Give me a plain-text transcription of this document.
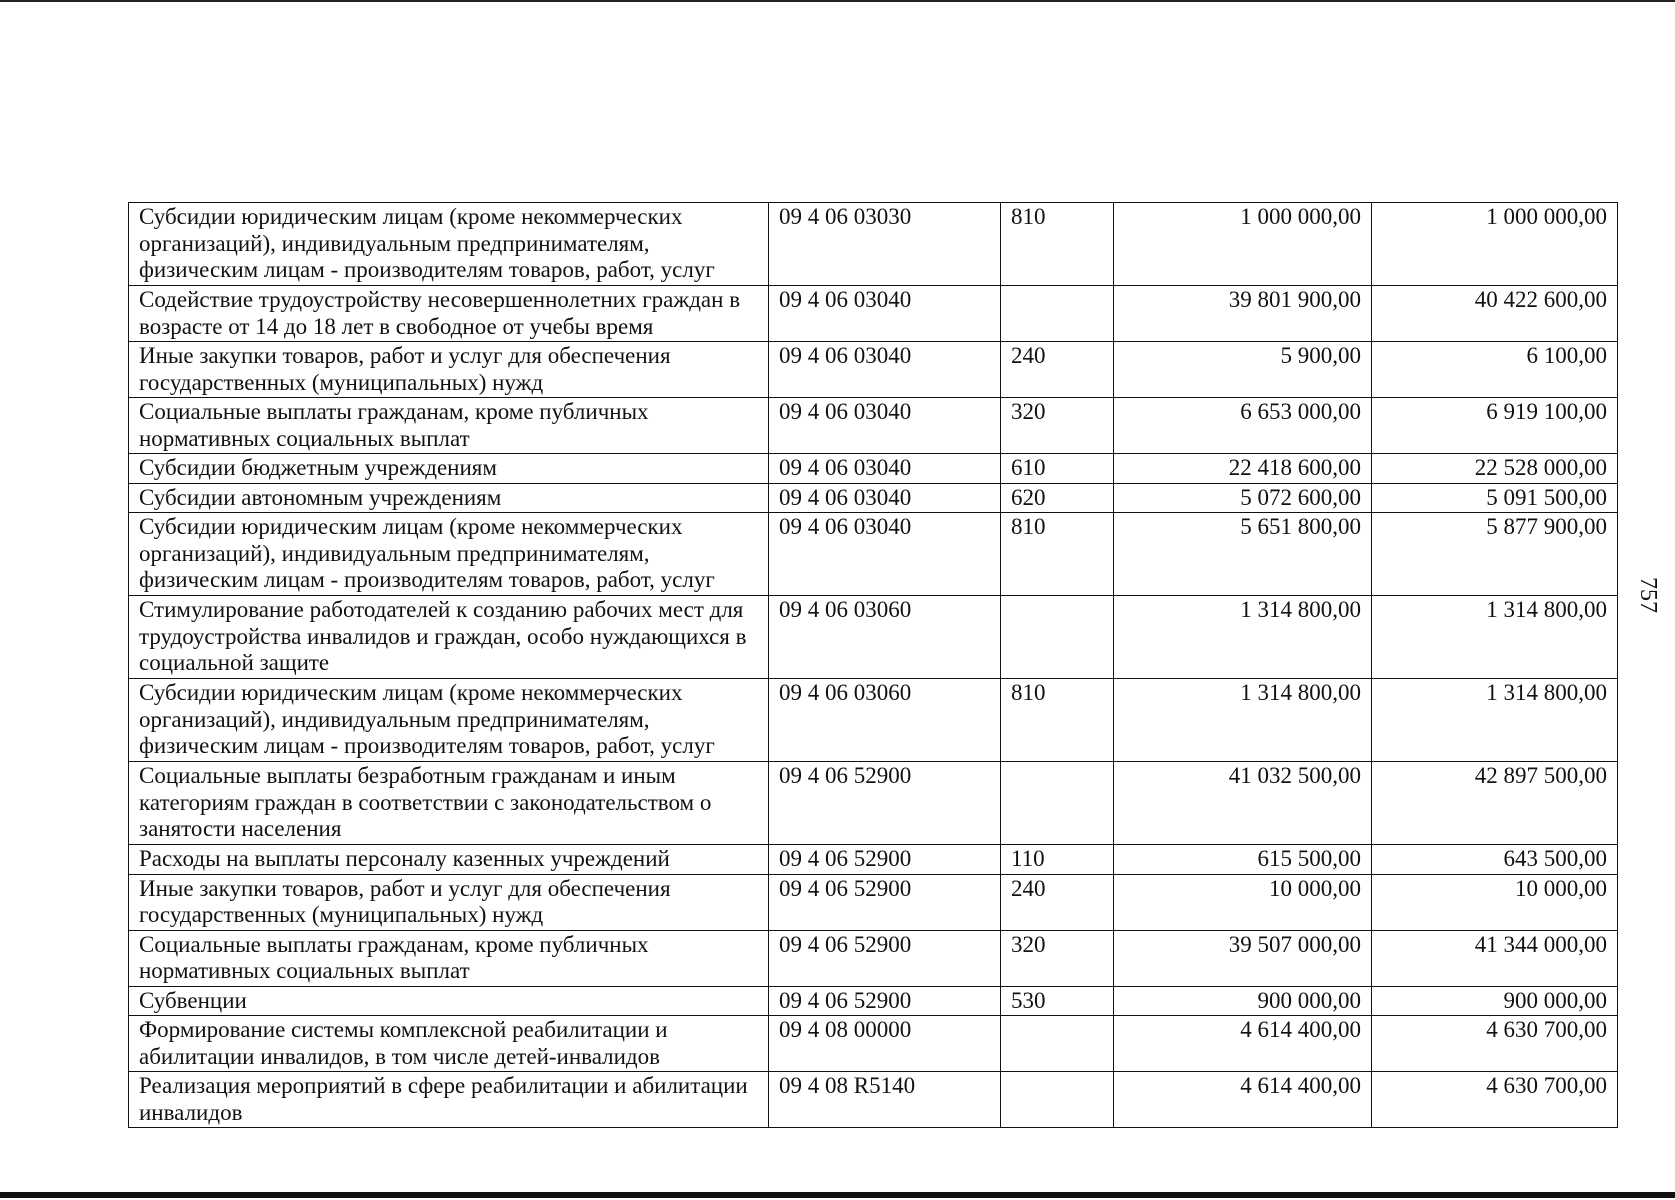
757
Субсидии юридическим лицам (кроме некоммерческих организаций), индивидуальным предпринимателям, физическим лицам - производителям товаров, работ, услуг	09 4 06 03030	810	1 000 000,00	1 000 000,00
Содействие трудоустройству несовершеннолетних граждан в возрасте от 14 до 18 лет в свободное от учебы время	09 4 06 03040		39 801 900,00	40 422 600,00
Иные закупки товаров, работ и услуг для обеспечения государственных (муниципальных) нужд	09 4 06 03040	240	5 900,00	6 100,00
Социальные выплаты гражданам, кроме публичных нормативных социальных выплат	09 4 06 03040	320	6 653 000,00	6 919 100,00
Субсидии бюджетным учреждениям	09 4 06 03040	610	22 418 600,00	22 528 000,00
Субсидии автономным учреждениям	09 4 06 03040	620	5 072 600,00	5 091 500,00
Субсидии юридическим лицам (кроме некоммерческих организаций), индивидуальным предпринимателям, физическим лицам - производителям товаров, работ, услуг	09 4 06 03040	810	5 651 800,00	5 877 900,00
Стимулирование работодателей к созданию рабочих мест для трудоустройства инвалидов и граждан, особо нуждающихся в социальной защите	09 4 06 03060		1 314 800,00	1 314 800,00
Субсидии юридическим лицам (кроме некоммерческих организаций), индивидуальным предпринимателям, физическим лицам - производителям товаров, работ, услуг	09 4 06 03060	810	1 314 800,00	1 314 800,00
Социальные выплаты безработным гражданам и иным категориям граждан в соответствии с законодательством о занятости населения	09 4 06 52900		41 032 500,00	42 897 500,00
Расходы на выплаты персоналу казенных учреждений	09 4 06 52900	110	615 500,00	643 500,00
Иные закупки товаров, работ и услуг для обеспечения государственных (муниципальных) нужд	09 4 06 52900	240	10 000,00	10 000,00
Социальные выплаты гражданам, кроме публичных нормативных социальных выплат	09 4 06 52900	320	39 507 000,00	41 344 000,00
Субвенции	09 4 06 52900	530	900 000,00	900 000,00
Формирование системы комплексной реабилитации и абилитации инвалидов, в том числе детей-инвалидов	09 4 08 00000		4 614 400,00	4 630 700,00
Реализация мероприятий в сфере реабилитации и абилитации инвалидов	09 4 08 R5140		4 614 400,00	4 630 700,00
